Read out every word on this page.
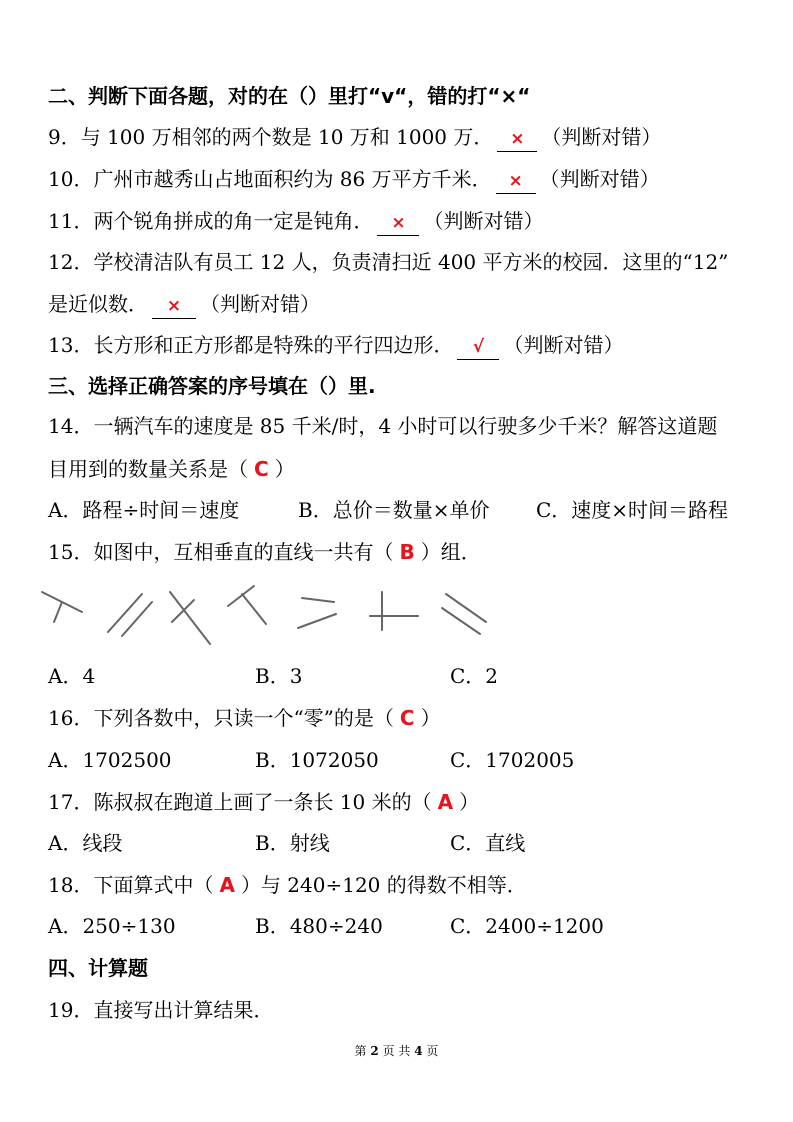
二、判断下面各题，对的在（）里打“v“，错的打“×“
9．与 100 万相邻的两个数是 10 万和 1000 万． × （判断对错）
10．广州市越秀山占地面积约为 86 万平方千米． × （判断对错）
11．两个锐角拼成的角一定是钝角． × （判断对错）
12．学校清洁队有员工 12 人，负责清扫近 400 平方米的校园．这里的“12”
是近似数． × （判断对错）
13．长方形和正方形都是特殊的平行四边形． √ （判断对错）
三、选择正确答案的序号填在（）里.
14．一辆汽车的速度是 85 千米/时，4 小时可以行驶多少千米？解答这道题
目用到的数量关系是（ C ）
A．路程÷时间＝速度	B．总价＝数量×单价 C．速度×时间＝路程
15．如图中，互相垂直的直线一共有（ B ）组．
A．4	B．3	C．2
16．下列各数中，只读一个“零”的是（ C ）
A．1702500	B．1072050	C．1702005
17．陈叔叔在跑道上画了一条长 10 米的（ A ）
A．线段	B．射线	C．直线
18．下面算式中（ A ）与 240÷120 的得数不相等．
A．250÷130	B．480÷240	C．2400÷1200
四、计算题
19．直接写出计算结果．
第 2 页 共 4 页
